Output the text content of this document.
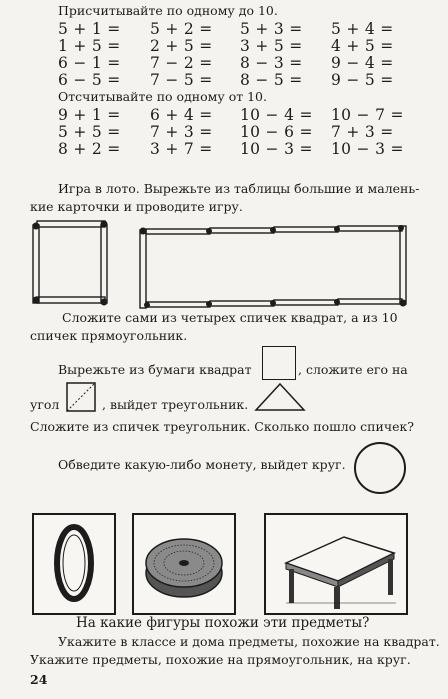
Присчитывайте по одному до 10.
5 + 1 = 5 + 2 = 5 + 3 = 5 + 4 =
1 + 5 = 2 + 5 = 3 + 5 = 4 + 5 =
6 − 1 = 7 − 2 = 8 − 3 = 9 − 4 =
6 − 5 = 7 − 5 = 8 − 5 = 9 − 5 =
Отсчитывайте по одному от 10.
9 + 1 = 6 + 4 = 10 − 4 = 10 − 7 =
5 + 5 = 7 + 3 = 10 − 6 = 7 + 3 =
8 + 2 = 3 + 7 = 10 − 3 = 10 − 3 =
Игра в лото. Вырежьте из таблицы большие и малень-
кие карточки и проводите игру.
Сложите сами из четырех спичек квадрат, а из 10
спичек прямоугольник.
Вырежьте из бумаги квадрат	, сложите его на
угол	, выйдет треугольник.
Сложите из спичек треугольник. Сколько пошло спичек?
Обведите какую-либо монету, выйдет круг.
На какие фигуры похожи эти предметы?
Укажите в классе и дома предметы, похожие на квадрат.
Укажите предметы, похожие на прямоугольник, на круг.
24
